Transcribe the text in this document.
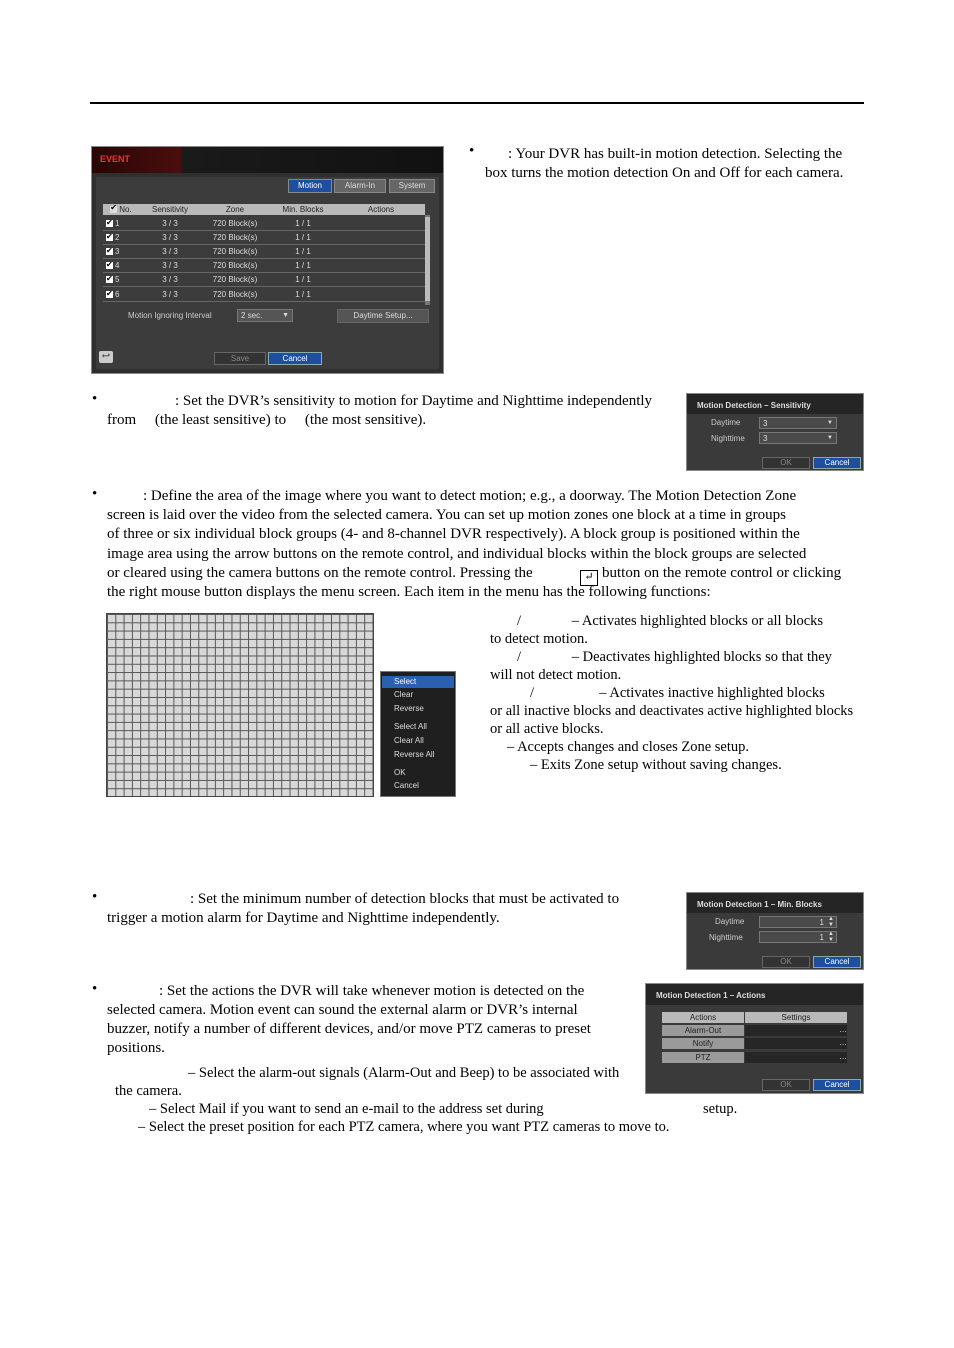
EVENT
Motion	Alarm-In	System
✔No.	Sensitivity	Zone	Min. Blocks	Actions
✔1	3 / 3	720 Block(s)	1 / 1
✔2	3 / 3	720 Block(s)	1 / 1
✔3	3 / 3	720 Block(s)	1 / 1
✔4	3 / 3	720 Block(s)	1 / 1
✔5	3 / 3	720 Block(s)	1 / 1
✔6	3 / 3	720 Block(s)	1 / 1
Motion Ignoring Interval	2 sec.	▼	Daytime Setup...
↩	Save	Cancel
• : Your DVR has built-in motion detection. Selecting the
box turns the motion detection On and Off for each camera.
•	: Set the DVR’s sensitivity to motion for Daytime and Nighttime independently
from     (the least sensitive) to     (the most sensitive).
Motion Detection – Sensitivity
Daytime	3	▼
Nighttime	3	▼
OK	Cancel
•	: Define the area of the image where you want to detect motion; e.g., a doorway. The Motion Detection Zone
screen is laid over the video from the selected camera. You can set up motion zones one block at a time in groups
of three or six individual block groups (4- and 8-channel DVR respectively). A block group is positioned within the
image area using the arrow buttons on the remote control, and individual blocks within the block groups are selected
or cleared using the camera buttons on the remote control. Pressing the	↵ button on the remote control or clicking
the right mouse button displays the menu screen. Each item in the menu has the following functions:
Select
Clear
Reverse
Select All
Clear All
Reverse All
OK
Cancel
/              – Activates highlighted blocks or all blocks
to detect motion.
/              – Deactivates highlighted blocks so that they
will not detect motion.
/                  – Activates inactive highlighted blocks
or all inactive blocks and deactivates active highlighted blocks
or all active blocks.
– Accepts changes and closes Zone setup.
– Exits Zone setup without saving changes.
•	: Set the minimum number of detection blocks that must be activated to
trigger a motion alarm for Daytime and Nighttime independently.
Motion Detection 1 – Min. Blocks
Daytime	1 ▲
▼
Nighttime	1 ▲
▼
OK	Cancel
•	: Set the actions the DVR will take whenever motion is detected on the
selected camera. Motion event can sound the external alarm or DVR’s internal
buzzer, notify a number of different devices, and/or move PTZ cameras to preset
positions.
– Select the alarm-out signals (Alarm-Out and Beep) to be associated with
the camera.
– Select Mail if you want to send an e-mail to the address set during	setup.
– Select the preset position for each PTZ camera, where you want PTZ cameras to move to.
Motion Detection 1 – Actions
Actions	Settings
Alarm-Out	…
Notify	…
PTZ	…
OK	Cancel
